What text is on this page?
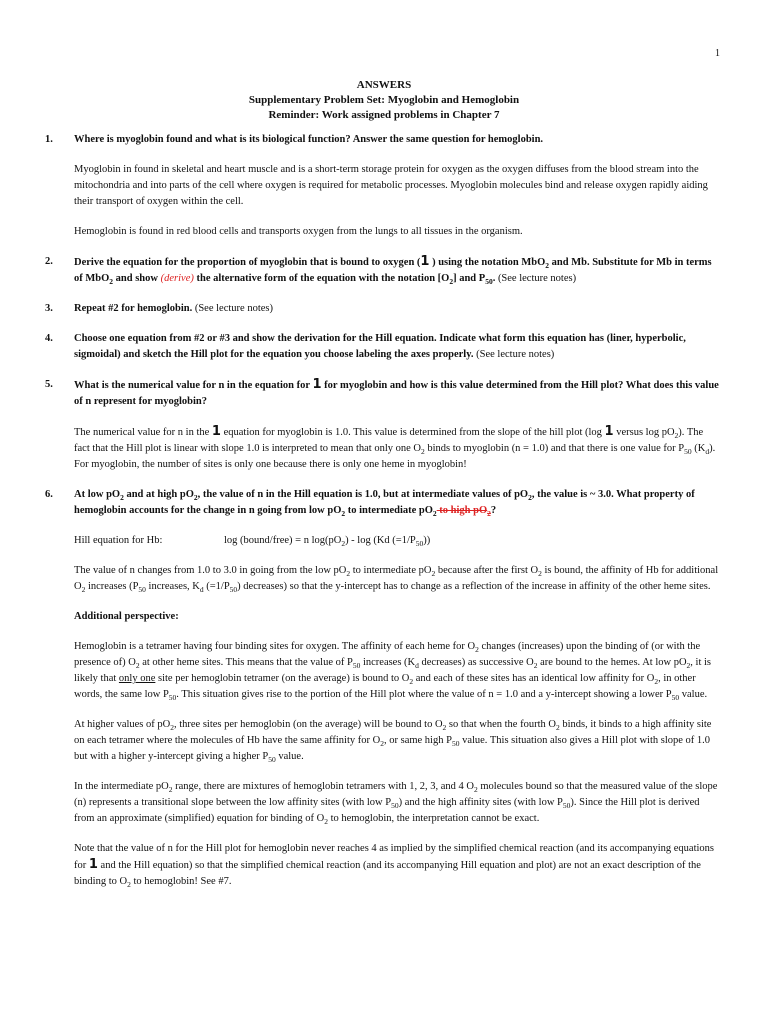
1
ANSWERS
Supplementary Problem Set: Myoglobin and Hemoglobin
Reminder: Work assigned problems in Chapter 7
1.	Where is myoglobin found and what is its biological function? Answer the same question for hemoglobin.
Myoglobin in found in skeletal and heart muscle and is a short-term storage protein for oxygen as the oxygen diffuses from the blood stream into the mitochondria and into parts of the cell where oxygen is required for metabolic processes. Myoglobin molecules bind and release oxygen rapidly aiding their transport of oxygen within the cell.
Hemoglobin is found in red blood cells and transports oxygen from the lungs to all tissues in the organism.
2.	Derive the equation for the proportion of myoglobin that is bound to oxygen (1 ) using the notation MbO$_2$ and Mb. Substitute for Mb in terms of MbO$_2$ and show (derive) the alternative form of the equation with the notation $[O_2]$ and $P_{50}$. (See lecture notes)
3.	Repeat #2 for hemoglobin. (See lecture notes)
4.	Choose one equation from #2 or #3 and show the derivation for the Hill equation. Indicate what form this equation has (liner, hyperbolic, sigmoidal) and sketch the Hill plot for the equation you choose labeling the axes properly. (See lecture notes)
5.	What is the numerical value for n in the equation for 1 for myoglobin and how is this value determined from the Hill plot? What does this value of n represent for myoglobin?
The numerical value for n in the 1 equation for myoglobin is 1.0. This value is determined from the slope of the hill plot (log 1 versus $\log pO_2$). The fact that the Hill plot is linear with slope 1.0 is interpreted to mean that only one $O_2$ binds to myoglobin (n = 1.0) and that there is one value for $P_{50}$ $(K_d)$. For myoglobin, the number of sites is only one because there is only one heme in myoglobin!
6.	At low $pO_2$ and at high $pO_2$, the value of n in the Hill equation is 1.0, but at intermediate values of $pO_2$, the value is ~ 3.0. What property of hemoglobin accounts for the change in n going from low $pO_2$ to intermediate $pO_2$ to high $pO_2$?
Hill equation for Hb:	log (bound/free) = n $\log(pO_2)$ - log (Kd $(=1/P_{50})$)
The value of n changes from 1.0 to 3.0 in going from the low $pO_2$ to intermediate $pO_2$ because after the first $O_2$ is bound, the affinity of Hb for additional $O_2$ increases ($P_{50}$ increases, $K_d$ $(=1/P_{50})$ decreases) so that the y-intercept has to change as a reflection of the increase in affinity of the other heme sites.
Additional perspective:
Hemoglobin is a tetramer having four binding sites for oxygen. The affinity of each heme for $O_2$ changes (increases) upon the binding of (or with the presence of) $O_2$ at other heme sites. This means that the value of $P_{50}$ increases ($K_d$ decreases) as successive $O_2$ are bound to the hemes. At low $pO_2$, it is likely that only one site per hemoglobin tetramer (on the average) is bound to $O_2$ and each of these sites has an identical low affinity for $O_2$, in other words, the same low $P_{50}$. This situation gives rise to the portion of the Hill plot where the value of n = 1.0 and a y-intercept showing a lower $P_{50}$ value.
At higher values of $pO_2$, three sites per hemoglobin (on the average) will be bound to $O_2$ so that when the fourth $O_2$ binds, it binds to a high affinity site on each tetramer where the molecules of Hb have the same affinity for $O_2$, or same high $P_{50}$ value. This situation also gives a Hill plot with slope of 1.0 but with a higher y-intercept giving a higher $P_{50}$ value.
In the intermediate $pO_2$ range, there are mixtures of hemoglobin tetramers with 1, 2, 3, and 4 $O_2$ molecules bound so that the measured value of the slope (n) represents a transitional slope between the low affinity sites (with low $P_{50}$) and the high affinity sites (with low $P_{50}$). Since the Hill plot is derived from an approximate (simplified) equation for binding of $O_2$ to hemoglobin, the interpretation cannot be exact.
Note that the value of n for the Hill plot for hemoglobin never reaches 4 as implied by the simplified chemical reaction (and its accompanying equations for 1 and the Hill equation) so that the simplified chemical reaction (and its accompanying Hill equation and plot) are not an exact description of the binding to $O_2$ to hemoglobin! See #7.
